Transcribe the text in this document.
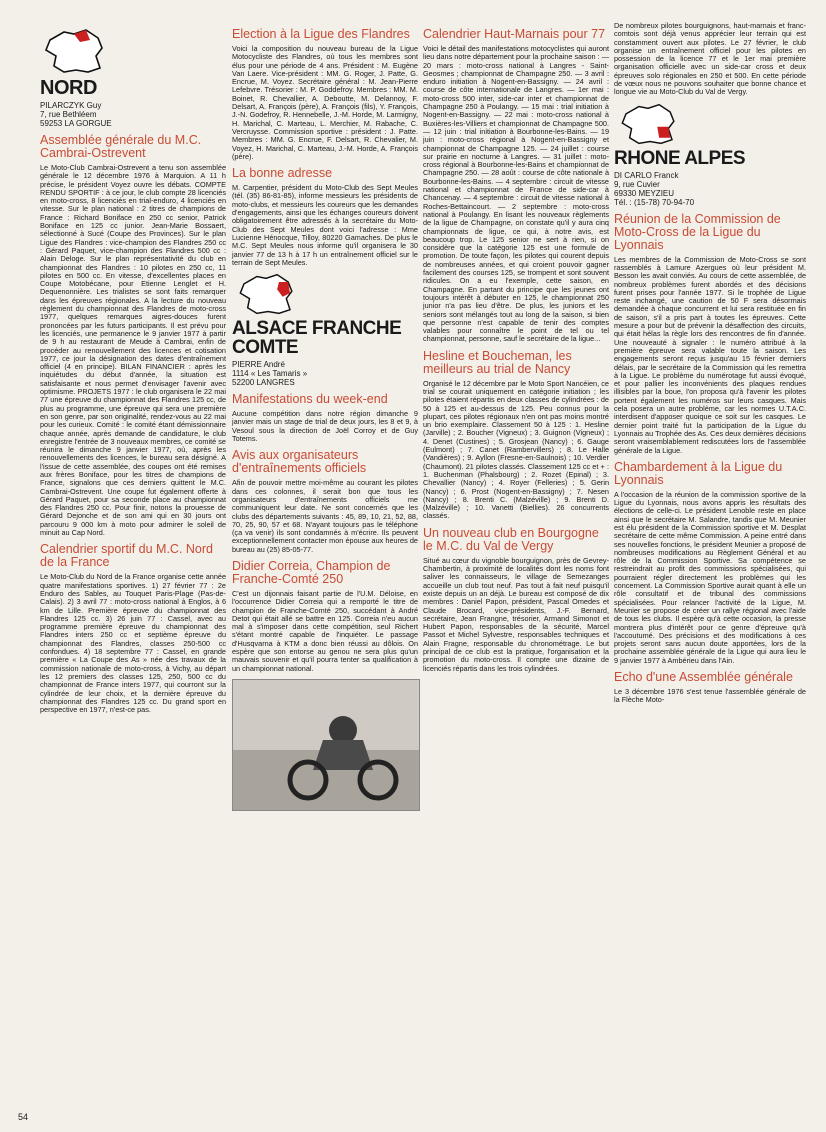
NORD
PILARCZYK Guy
7, rue Bethléem
59253 LA GORGUE
Assemblée générale du M.C. Cambrai-Ostrevent

Le Moto-Club Cambrai-Ostrevent a tenu son assemblée générale le 12 décembre 1976 à Marquion. A 11 h précise, le président Voyez ouvre les débats. COMPTE RENDU SPORTIF : à ce jour, le club compte 28 licenciés en moto-cross, 8 licenciés en trial-enduro, 4 licenciés en vitesse. Sur le plan national : 2 titres de champions de France : Richard Boniface en 250 cc senior, Patrick Boniface en 125 cc junior. Jean-Marie Bossaert, sélectionné à Sucé (Coupe des Provinces). Sur le plan Ligue des Flandres : vice-champion des Flandres 250 cc : Gérard Paquet, vice-champion des Flandres 500 cc : Alain Deloge. Sur le plan représentativité du club en championnat des Flandres : 10 pilotes en 250 cc, 11 pilotes en 500 cc. En vitesse, d'excellentes places en Coupe Motobécane, pour Etienne Lenglet et H. Dequenonnière. Les trialistes se sont faits remarquer dans les épreuves régionales. A la lecture du nouveau règlement du championnat des Flandres de moto-cross 1977, quelques remarques aigres-douces furent prononcées par les futurs participants. Il est prévu pour les licenciés, une permanence le 9 janvier 1977 à partir de 9 h au restaurant de Meude à Cambrai, enfin de procéder au renouvellement des licences et cotisation 1977, ce jour la désignation des dates d'entraînement officiel (4 en principe). BILAN FINANCIER : après les inquiétudes du début d'année, la situation est satisfaisante et nous permet d'envisager l'avenir avec optimisme. PROJETS 1977 : le club organisera le 22 mai 77 une épreuve du championnat des Flandres 125 cc, de plus au programme, une épreuve qui sera une première en son genre, par son originalité, rendez-vous au 22 mai pour les curieux. Comité : le comité étant démissionnaire chaque année, après demande de candidature, le club enregistre l'entrée de 3 nouveaux membres, ce comité se réunira le dimanche 9 janvier 1977, où, après les renouvellements des licences, le bureau sera désigné. A l'issue de cette assemblée, des coupes ont été remises aux frères Boniface, pour les titres de champions de France, signalons que ces derniers quittent le M.C. Cambrai-Ostrevent. Une coupe fut également offerte à Gérard Paquet, pour sa seconde place au championnat des Flandres 250 cc. Pour finir, notons la prouesse de Gérard Dejonche et de son ami qui en 30 jours ont parcouru 9 000 km à moto pour admirer le soleil de minuit au Cap Nord.

Calendrier sportif du M.C. Nord de la France

Le Moto-Club du Nord de la France organise cette année quatre manifestations sportives. 1) 27 février 77 : 2e Enduro des Sables, au Touquet Paris-Plage (Pas-de-Calais). 2) 3 avril 77 : moto-cross national à Englos, à 6 km de Lille. Première épreuve du championnat des Flandres 125 cc. 3) 26 juin 77 : Cassel, avec au programme première épreuve du championnat des Flandres inters 250 cc et septième épreuve du championnat des Flandres, classes 250-500 cc confondues. 4) 18 septembre 77 : Cassel, en grande première « La Coupe des As » née des travaux de la commission nationale de moto-cross, à Vichy, au départ les 12 premiers des classes 125, 250, 500 cc du championnat de France inters 1977, qui courront sur la cylindrée de leur choix, et la dernière épreuve du championnat des Flandres 125 cc. Du grand sport en perspective en 1977, n'est-ce pas.

Election à la Ligue des Flandres

Voici la composition du nouveau bureau de la Ligue Motocycliste des Flandres, où tous les membres sont élus pour une période de 4 ans. Président : M. Eugène Van Laere. Vice-président : MM. G. Roger, J. Patte, G. Encrue, M. Voyez. Secrétaire général : M. Jean-Pierre Lefebvre. Trésorier : M. P. Goddefroy. Membres : MM. M. Boinet, R. Chevallier, A. Deboutte, M. Delannoy, F. Delsart, A. François (père), A. François (fils), Y. François, J.-N. Godefroy, R. Hennebelle, J.-M. Horde, M. Larmigny, H. Marichal, C. Marteau, L. Merchier, M. Rabache, C. Vercruysse. Commission sportive : président : J. Patte. Membres : MM. G. Encrue, F. Delsart, R. Chevalier, M. Voyez, H. Marichal, C. Marteau, J.-M. Horde, A. François (père).

La bonne adresse

M. Carpentier, président du Moto-Club des Sept Meules (tél. (35) 86-81-85), informe messieurs les présidents de moto-clubs, et messieurs les coureurs que les demandes d'engagements, ainsi que les échanges coureurs doivent obligatoirement être adressés à la secrétaire du Moto-Club des Sept Meules dont voici l'adresse : Mme Lucienne Hénocque, Tilloy, 80220 Gamaches. De plus le M.C. Sept Meules nous informe qu'il organisera le 30 janvier 77 de 13 h à 17 h un entraînement officiel sur le terrain de Sept Meules.

ALSACE FRANCHE COMTE
PIERRE André
1114 « Les Tamaris »
52200 LANGRES
Manifestations du week-end

Aucune compétition dans notre région dimanche 9 janvier mais un stage de trial de deux jours, les 8 et 9, à Vesoul sous la direction de Joël Corroy et de Guy Totems.

Avis aux organisateurs d'entraînements officiels

Afin de pouvoir mettre moi-même au courant les pilotes dans ces colonnes, il serait bon que tous les organisateurs d'entraînements officiels me communiquent leur date. Ne sont concernés que les clubs des départements suivants : 45, 89, 10, 21, 52, 88, 70, 25, 90, 57 et 68. N'ayant toujours pas le téléphone (ça va venir) ils sont condamnés à m'écrire. Ils peuvent exceptionnellement contacter mon épouse aux heures de bureau au (25) 85-05-77.

Didier Correia, Champion de Franche-Comté 250

C'est un dijonnais faisant partie de l'U.M. Déloise, en l'occurrence Didier Correia qui a remporté le titre de champion de Franche-Comté 250, succédant à André Detot qui était allé se battre en 125. Correia n'eu aucun mal à s'imposer dans cette compétition, seul Richert s'étant montré capable de l'inquiéter. Le passage d'Husqvarna à KTM a donc bien réussi au dôlois. On espère que son entorse au genou ne sera plus qu'un mauvais souvenir et qu'il pourra tenter sa qualification à un championnat national.

Calendrier Haut-Marnais pour 77

Voici le détail des manifestations motocyclistes qui auront lieu dans notre département pour la prochaine saison : — 20 mars : moto-cross national à Langres - Saint-Geosmes ; championnat de Champagne 250. — 3 avril : enduro initiation à Nogent-en-Bassigny. — 24 avril : course de côte internationale de Langres. — 1er mai : moto-cross 500 inter, side-car inter et championnat de Champagne 250 à Poulangy. — 15 mai : trial initiation à Nogent-en-Bassigny. — 22 mai : moto-cross national à Buxières-les-Villiers et championnat de Champagne 500. — 12 juin : trial initiation à Bourbonne-les-Bains. — 19 juin : moto-cross régional à Nogent-en-Bassigny et championnat de Champagne 125. — 24 juillet : course sur prairie en nocturne à Langres. — 31 juillet : moto-cross régional à Bourbonne-les-Bains et championnat de Champagne 250. — 28 août : course de côte nationale à Bourbonne-les-Bains. — 4 septembre : circuit de vitesse national et championnat de France de side-car à Chancenay. — 4 septembre : circuit de vitesse national à Roches-Bettaincourt. — 2 septembre : moto-cross national à Poulangy. En lisant les nouveaux règlements de la ligue de Champagne, on constate qu'il y aura cinq championnats de ligue, ce qui, à notre avis, est beaucoup trop. Le 125 senior ne sert à rien, si on considère que la catégorie 125 est une formule de promotion. De toute façon, les pilotes qui courent depuis de nombreuses années, et qui croient pouvoir gagner facilement des courses 125, se trompent et sont souvent ridicules. On a eu l'exemple, cette saison, en Champagne. En partant du principe que les jeunes ont toujours intérêt à débuter en 125, le championnat 250 junior n'a pas lieu d'être. De plus, les juniors et les seniors sont mélangés tout au long de la saison, si bien que personne n'est capable de tenir des comptes valables pour connaître le point de tel ou tel championnat, personne, sauf le secrétaire de la ligue...

Hesline et Boucheman, les meilleurs au trial de Nancy

Organisé le 12 décembre par le Moto Sport Nancéien, ce trial se courait uniquement en catégorie initiation ; les pilotes étaient répartis en deux classes de cylindrées : de 50 à 125 et au-dessus de 125. Peu connus pour la plupart, ces pilotes régionaux n'en ont pas moins montré un brio exemplaire. Classement 50 à 125 : 1. Hesline (Jarville) ; 2. Boucher (Vigneux) ; 3. Guignon (Vigneux) ; 4. Denet (Custines) ; 5. Grosjean (Nancy) ; 6. Gauge (Eulmont) ; 7. Canet (Rambervillers) ; 8. Le Halle (Vandières) ; 9. Ayllon (Fresne-en-Saulnois) ; 10. Verdier (Chaumont). 21 pilotes classés. Classement 125 cc et + : 1. Buchenman (Phalsbourg) ; 2. Rozet (Epinal) ; 3. Chevallier (Nancy) ; 4. Royer (Felleries) ; 5. Gerin (Nancy) ; 6. Prost (Nogent-en-Bassigny) ; 7. Nesen (Nancy) ; 8. Brenti C. (Malzéville) ; 9. Brenti D. (Malzéville) ; 10. Vanetti (Biellies). 26 concurrents classés.

Un nouveau club en Bourgogne le M.C. du Val de Vergy

Situé au cœur du vignoble bourguignon, près de Gevrey-Chambertin, à proximité de localités dont les noms font saliver les connaisseurs, le village de Semezanges accueille un club tout neuf. Pas tout à fait neuf puisqu'il existe depuis un an déjà. Le bureau est composé de dix membres : Daniel Papon, président, Pascal Omedes et Claude Brocard, vice-présidents, J.-F. Bernard, secrétaire, Jean Frangne, trésorier, Armand Simonot et Hubert Papon, responsables de la sécurité, Marcel Passot et Michel Sylvestre, responsables techniques et Alain Fragne, responsable du chronométrage. Le but principal de ce club est la pratique, l'organisation et la promotion du moto-cross. Il compte une dizaine de licenciés répartis dans les trois cylindrées.

De nombreux pilotes bourguignons, haut-marnais et franc-comtois sont déjà venus apprécier leur terrain qui est constamment ouvert aux pilotes. Le 27 février, le club organise un entraînement officiel pour les pilotes en possession de la licence 77 et le 1er mai première organisation officielle avec un side-car cross et deux épreuves solo régionales en 250 et 500. En cette période de vœux nous ne pouvons souhaiter que bonne chance et longue vie au Moto-Club du Val de Vergy.

RHONE ALPES
DI CARLO Franck
9, rue Cuvier
69330 MEYZIEU
Tél. : (15-78) 70-94-70
Réunion de la Commission de Moto-Cross de la Ligue du Lyonnais

Les membres de la Commission de Moto-Cross se sont rassemblés à Lamure Azergues où leur président M. Besson les avait conviés. Au cours de cette assemblée, de nombreux problèmes furent abordés et des décisions furent prises pour l'année 1977. Si le trophée de Ligue reste inchangé, une caution de 50 F sera désormais demandée à chaque concurrent et lui sera restituée en fin de saison, s'il a pris part à toutes les épreuves. Cette mesure a pour but de prévenir la désaffection des circuits, qui était hélas la règle lors des rencontres de fin d'année. Une nouveauté à signaler : le numéro attribué à la première épreuve sera valable toute la saison. Les engagements seront reçus jusqu'au 15 février derniers délais, par le secrétaire de la Commission qui les remettra à la Ligue. Le problème du numérotage fut aussi évoqué, et pour pallier les inconvénients des plaques rendues illisibles par la boue, l'on proposa qu'à l'avenir les pilotes portent également les numéros sur leurs casques. Mais cela posera un autre problème, car les normes U.T.A.C. interdisent d'apposer quoique ce soit sur les casques. Le dernier point traité fut la participation de la Ligue du Lyonnais au Trophée des As. Ces deux dernières décisions seront vraisemblablement rediscutées lors de l'assemblée générale de la Ligue.

Chambardement à la Ligue du Lyonnais

A l'occasion de la réunion de la commission sportive de la Ligue du Lyonnais, nous avons appris les résultats des élections de celle-ci. Le président Lenoble reste en place ainsi que le secrétaire M. Salandre, tandis que M. Meunier est élu président de la Commission sportive et M. Desplat secrétaire de cette même Commission. A peine entré dans ses nouvelles fonctions, le président Meunier a proposé de nombreuses modifications au Règlement Général et au rôle de la Commission Sportive. Sa compétence se restreindrait au profit des commissions spécialisées, qui pourraient régler directement les problèmes qui les concernent. La Commission Sportive aurait quant à elle un rôle consultatif et de tribunal des commissions spécialisées. Pour relancer l'activité de la Ligue, M. Meunier se propose de créer un rallye régional avec l'aide de tous les clubs. Il espère qu'à cette occasion, la presse montrera plus d'intérêt pour ce genre d'épreuve qu'à l'accoutumé. Des précisions et des modifications à ces projets seront sans aucun doute apportées, lors de la prochaine assemblée générale de la Ligue qui aura lieu le 9 janvier 1977 à Ambérieu dans l'Ain.

Echo d'une Assemblée générale

Le 3 décembre 1976 s'est tenue l'assemblée générale de la Flèche Moto-

54
